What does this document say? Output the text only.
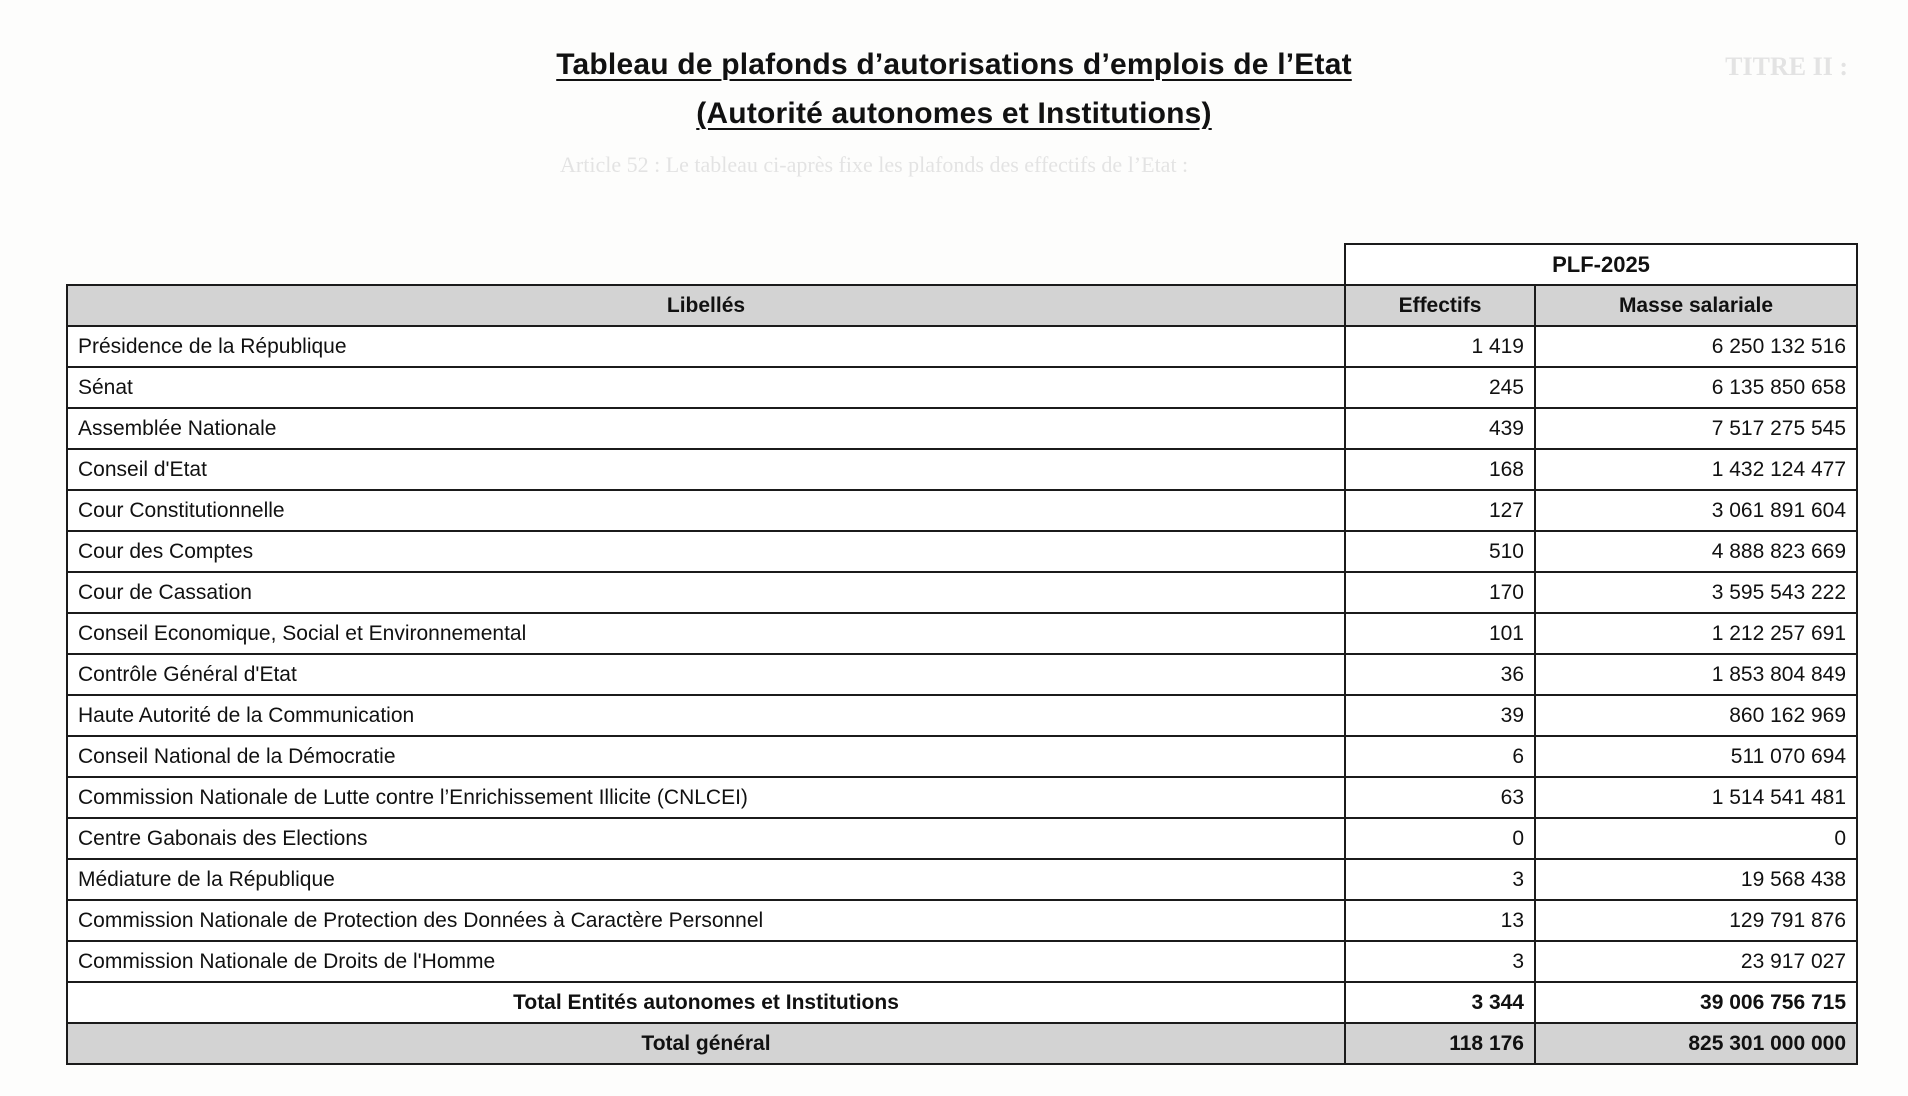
TITRE II :
Article 52 : Le tableau ci-après fixe les plafonds des effectifs de l’Etat :
Tableau de plafonds d’autorisations d’emplois de l’Etat
(Autorité autonomes et Institutions)
	PLF-2025	
Libellés	Effectifs	Masse salariale
Présidence de la République	1 419	6 250 132 516
Sénat	245	6 135 850 658
Assemblée Nationale	439	7 517 275 545
Conseil d'Etat	168	1 432 124 477
Cour Constitutionnelle	127	3 061 891 604
Cour des Comptes	510	4 888 823 669
Cour de Cassation	170	3 595 543 222
Conseil Economique, Social et Environnemental	101	1 212 257 691
Contrôle Général d'Etat	36	1 853 804 849
Haute Autorité de la Communication	39	860 162 969
Conseil National de la Démocratie	6	511 070 694
Commission Nationale de Lutte contre l’Enrichissement Illicite (CNLCEI)	63	1 514 541 481
Centre Gabonais des Elections	0	0
Médiature de la République	3	19 568 438
Commission Nationale de Protection des Données à Caractère Personnel	13	129 791 876
Commission Nationale de Droits de l'Homme	3	23 917 027
Total Entités autonomes et Institutions	3 344	39 006 756 715
Total général	118 176	825 301 000 000
